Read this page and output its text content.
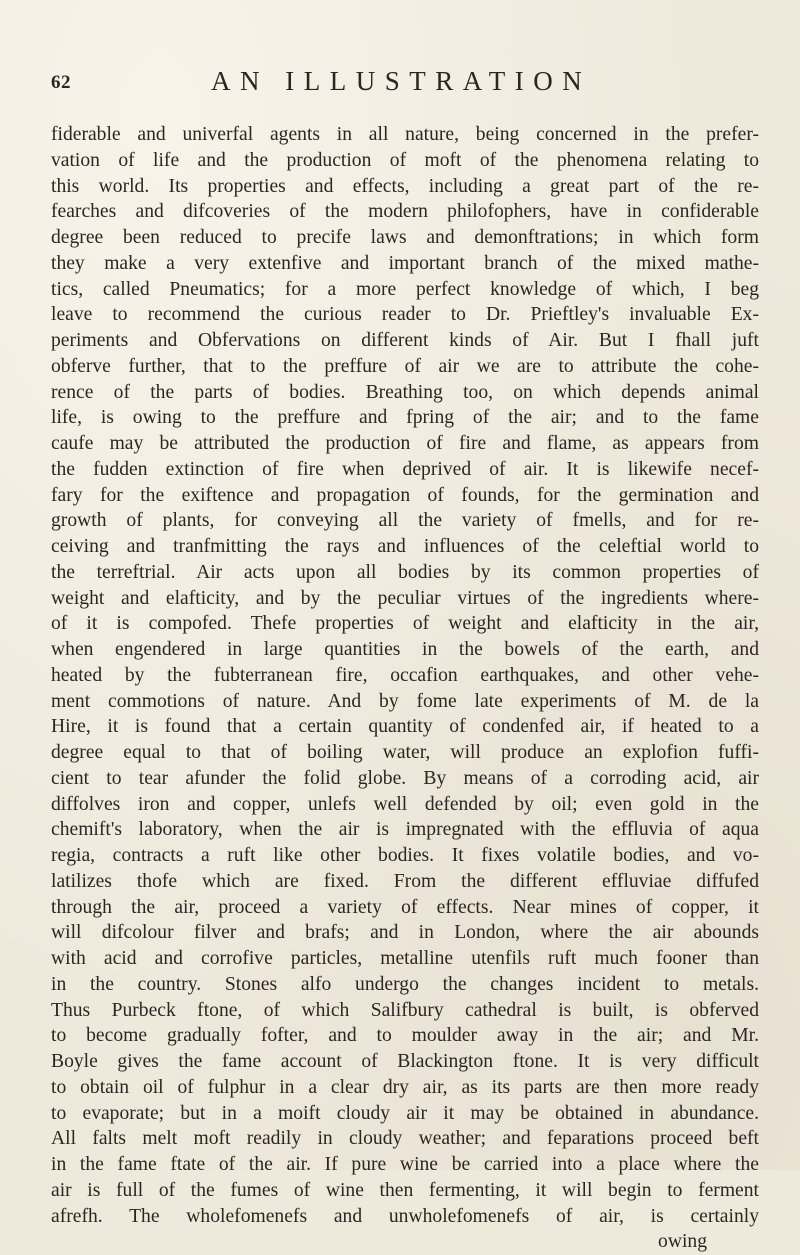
62	AN ILLUSTRATION
fiderable and univerfal agents in all nature, being concerned in the prefer-
vation of life and the production of moft of the phenomena relating to
this world. Its properties and effects, including a great part of the re-
fearches and difcoveries of the modern philofophers, have in confiderable
degree been reduced to precife laws and demonftrations; in which form
they make a very extenfive and important branch of the mixed mathe-
tics, called Pneumatics; for a more perfect knowledge of which, I beg
leave to recommend the curious reader to Dr. Prieftley's invaluable Ex-
periments and Obfervations on different kinds of Air. But I fhall juft
obferve further, that to the preffure of air we are to attribute the cohe-
rence of the parts of bodies. Breathing too, on which depends animal
life, is owing to the preffure and fpring of the air; and to the fame
caufe may be attributed the production of fire and flame, as appears from
the fudden extinction of fire when deprived of air. It is likewife necef-
fary for the exiftence and propagation of founds, for the germination and
growth of plants, for conveying all the variety of fmells, and for re-
ceiving and tranfmitting the rays and influences of the celeftial world to
the terreftrial. Air acts upon all bodies by its common properties of
weight and elafticity, and by the peculiar virtues of the ingredients where-
of it is compofed. Thefe properties of weight and elafticity in the air,
when engendered in large quantities in the bowels of the earth, and
heated by the fubterranean fire, occafion earthquakes, and other vehe-
ment commotions of nature. And by fome late experiments of M. de la
Hire, it is found that a certain quantity of condenfed air, if heated to a
degree equal to that of boiling water, will produce an explofion fuffi-
cient to tear afunder the folid globe. By means of a corroding acid, air
diffolves iron and copper, unlefs well defended by oil; even gold in the
chemift's laboratory, when the air is impregnated with the effluvia of aqua
regia, contracts a ruft like other bodies. It fixes volatile bodies, and vo-
latilizes thofe which are fixed. From the different effluviae diffufed
through the air, proceed a variety of effects. Near mines of copper, it
will difcolour filver and brafs; and in London, where the air abounds
with acid and corrofive particles, metalline utenfils ruft much fooner than
in the country. Stones alfo undergo the changes incident to metals.
Thus Purbeck ftone, of which Salifbury cathedral is built, is obferved
to become gradually fofter, and to moulder away in the air; and Mr.
Boyle gives the fame account of Blackington ftone. It is very difficult
to obtain oil of fulphur in a clear dry air, as its parts are then more ready
to evaporate; but in a moift cloudy air it may be obtained in abundance.
All falts melt moft readily in cloudy weather; and feparations proceed beft
in the fame ftate of the air. If pure wine be carried into a place where the
air is full of the fumes of wine then fermenting, it will begin to ferment
afrefh. The wholefomenefs and unwholefomenefs of air, is certainly
owing
